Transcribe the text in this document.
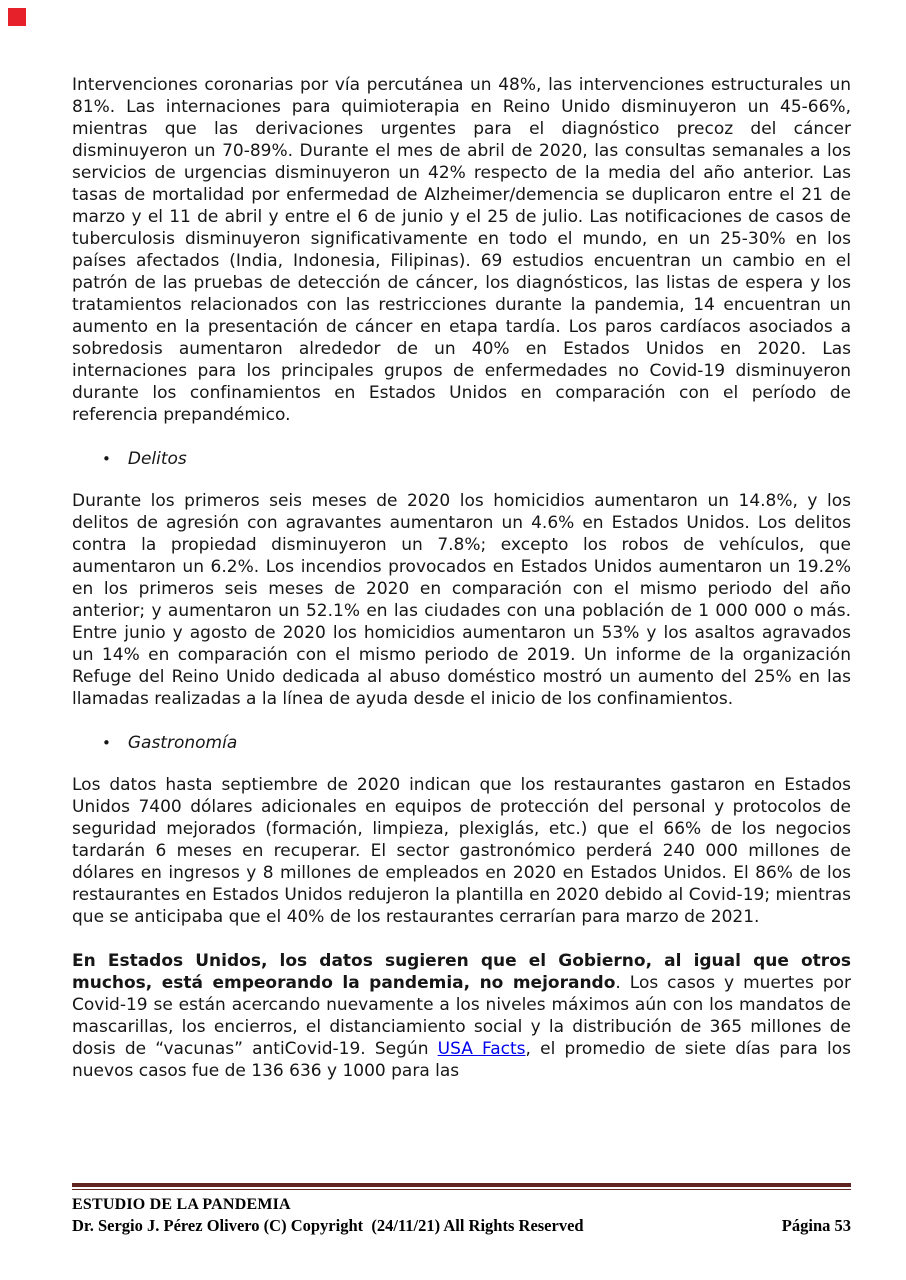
Intervenciones coronarias por vía percutánea un 48%, las intervenciones estructurales un 81%. Las internaciones para quimioterapia en Reino Unido disminuyeron un 45-66%, mientras que las derivaciones urgentes para el diagnóstico precoz del cáncer disminuyeron un 70-89%. Durante el mes de abril de 2020, las consultas semanales a los servicios de urgencias disminuyeron un 42% respecto de la media del año anterior. Las tasas de mortalidad por enfermedad de Alzheimer/demencia se duplicaron entre el 21 de marzo y el 11 de abril y entre el 6 de junio y el 25 de julio. Las notificaciones de casos de tuberculosis disminuyeron significativamente en todo el mundo, en un 25-30% en los países afectados (India, Indonesia, Filipinas). 69 estudios encuentran un cambio en el patrón de las pruebas de detección de cáncer, los diagnósticos, las listas de espera y los tratamientos relacionados con las restricciones durante la pandemia, 14 encuentran un aumento en la presentación de cáncer en etapa tardía. Los paros cardíacos asociados a sobredosis aumentaron alrededor de un 40% en Estados Unidos en 2020. Las internaciones para los principales grupos de enfermedades no Covid-19 disminuyeron durante los confinamientos en Estados Unidos en comparación con el período de referencia prepandémico.

• Delitos

Durante los primeros seis meses de 2020 los homicidios aumentaron un 14.8%, y los delitos de agresión con agravantes aumentaron un 4.6% en Estados Unidos. Los delitos contra la propiedad disminuyeron un 7.8%; excepto los robos de vehículos, que aumentaron un 6.2%. Los incendios provocados en Estados Unidos aumentaron un 19.2% en los primeros seis meses de 2020 en comparación con el mismo periodo del año anterior; y aumentaron un 52.1% en las ciudades con una población de 1 000 000 o más. Entre junio y agosto de 2020 los homicidios aumentaron un 53% y los asaltos agravados un 14% en comparación con el mismo periodo de 2019. Un informe de la organización Refuge del Reino Unido dedicada al abuso doméstico mostró un aumento del 25% en las llamadas realizadas a la línea de ayuda desde el inicio de los confinamientos.

• Gastronomía

Los datos hasta septiembre de 2020 indican que los restaurantes gastaron en Estados Unidos 7400 dólares adicionales en equipos de protección del personal y protocolos de seguridad mejorados (formación, limpieza, plexiglás, etc.) que el 66% de los negocios tardarán 6 meses en recuperar. El sector gastronómico perderá 240 000 millones de dólares en ingresos y 8 millones de empleados en 2020 en Estados Unidos. El 86% de los restaurantes en Estados Unidos redujeron la plantilla en 2020 debido al Covid-19; mientras que se anticipaba que el 40% de los restaurantes cerrarían para marzo de 2021.

En Estados Unidos, los datos sugieren que el Gobierno, al igual que otros muchos, está empeorando la pandemia, no mejorando. Los casos y muertes por Covid-19 se están acercando nuevamente a los niveles máximos aún con los mandatos de mascarillas, los encierros, el distanciamiento social y la distribución de 365 millones de dosis de “vacunas” antiCovid-19. Según USA Facts, el promedio de siete días para los nuevos casos fue de 136 636 y 1000 para las

ESTUDIO DE LA PANDEMIA
Dr. Sergio J. Pérez Olivero (C) Copyright  (24/11/21) All Rights Reserved	Página 53
